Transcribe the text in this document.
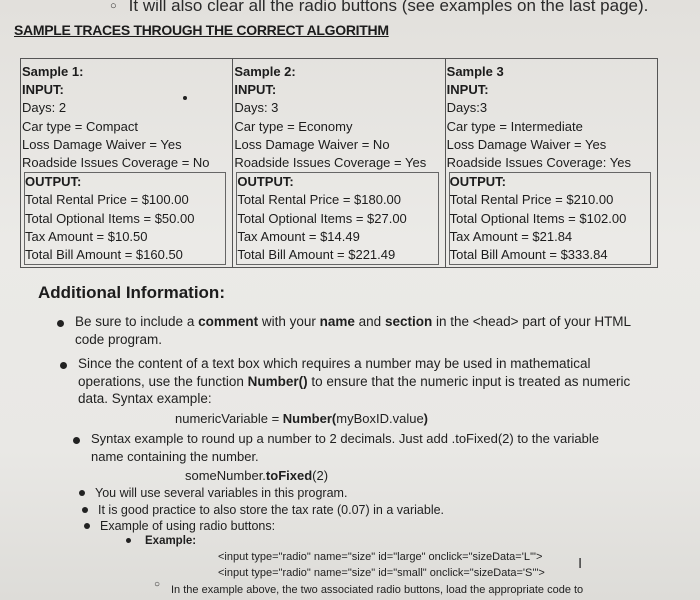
○ It will also clear all the radio buttons (see examples on the last page).
SAMPLE TRACES THROUGH THE CORRECT ALGORITHM
Sample 1:
INPUT:
Days: 2
Car type = Compact
Loss Damage Waiver = Yes
Roadside Issues Coverage = No
OUTPUT:
Total Rental Price = $100.00
Total Optional Items = $50.00
Tax Amount = $10.50
Total Bill Amount = $160.50

Sample 2:
INPUT:
Days: 3
Car type = Economy
Loss Damage Waiver = No
Roadside Issues Coverage = Yes
OUTPUT:
Total Rental Price = $180.00
Total Optional Items = $27.00
Tax Amount = $14.49
Total Bill Amount = $221.49

Sample 3
INPUT:
Days:3
Car type = Intermediate
Loss Damage Waiver = Yes
Roadside Issues Coverage: Yes
OUTPUT:
Total Rental Price = $210.00
Total Optional Items = $102.00
Tax Amount = $21.84
Total Bill Amount = $333.84
Additional Information:
Be sure to include a comment with your name and section in the <head> part of your HTML
code program.
Since the content of a text box which requires a number may be used in mathematical
operations, use the function Number() to ensure that the numeric input is treated as numeric
data. Syntax example:
numericVariable = Number(myBoxID.value)
Syntax example to round up a number to 2 decimals. Just add .toFixed(2) to the variable
name containing the number.
someNumber.toFixed(2)
You will use several variables in this program.
It is good practice to also store the tax rate (0.07) in a variable.
Example of using radio buttons:
Example:
<input type="radio" name="size" id="large" onclick="sizeData='L'">
<input type="radio" name="size" id="small" onclick="sizeData='S'">
○ In the example above, the two associated radio buttons, load the appropriate code to
I
